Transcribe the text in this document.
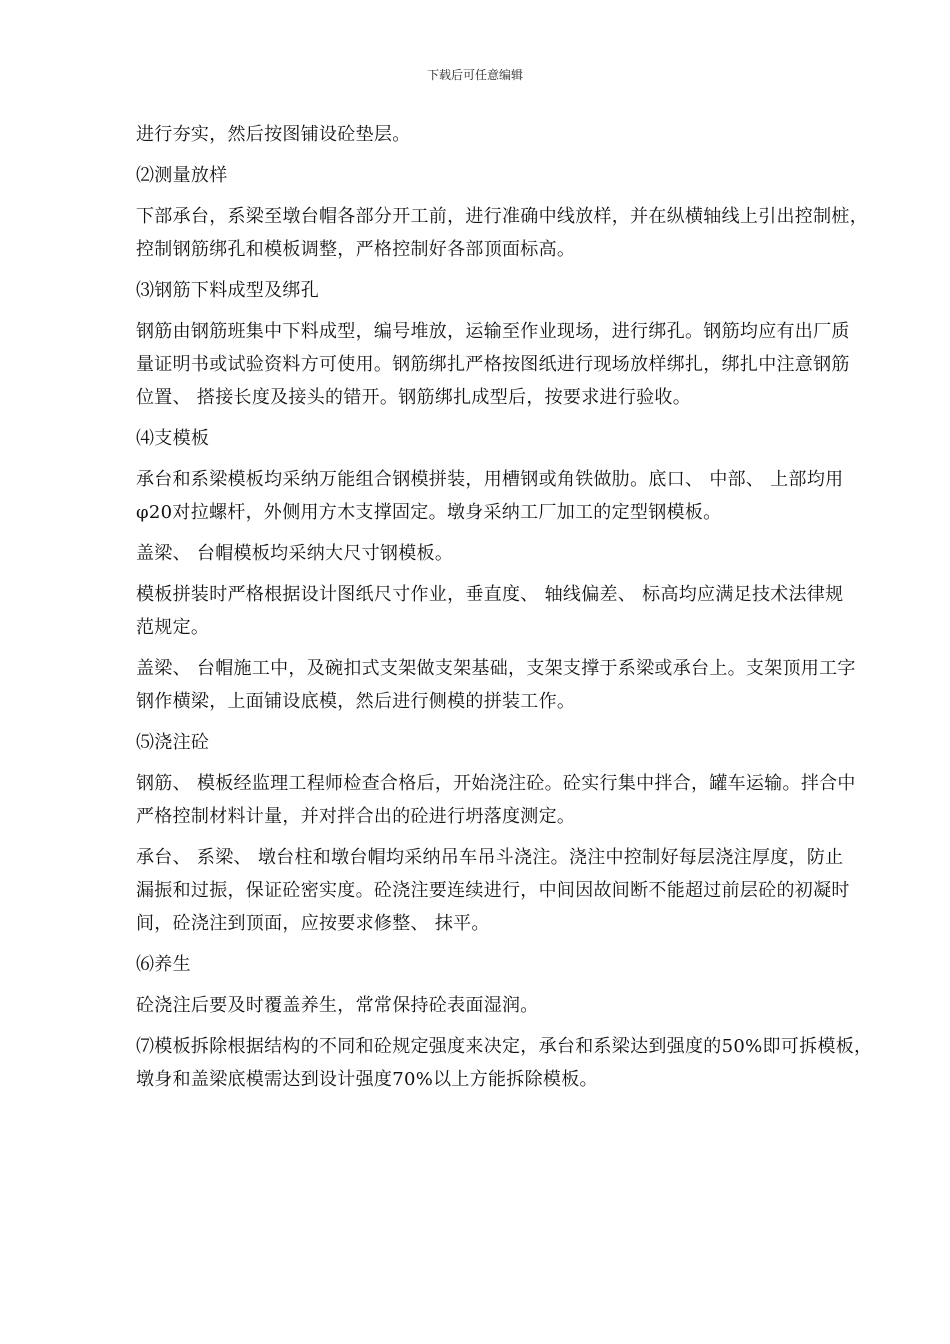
下载后可任意编辑
进行夯实，然后按图铺设砼垫层。
⑵测量放样
下部承台，系梁至墩台帽各部分开工前，进行准确中线放样，并在纵横轴线上引出控制桩，
控制钢筋绑孔和模板调整，严格控制好各部顶面标高。
⑶钢筋下料成型及绑孔
钢筋由钢筋班集中下料成型，编号堆放，运输至作业现场，进行绑孔。钢筋均应有出厂质
量证明书或试验资料方可使用。钢筋绑扎严格按图纸进行现场放样绑扎，绑扎中注意钢筋
位置、 搭接长度及接头的错开。钢筋绑扎成型后，按要求进行验收。
⑷支模板
承台和系梁模板均采纳万能组合钢模拼装，用槽钢或角铁做肋。底口、 中部、 上部均用
φ20对拉螺杆，外侧用方木支撑固定。墩身采纳工厂加工的定型钢模板。
盖梁、 台帽模板均采纳大尺寸钢模板。
模板拼装时严格根据设计图纸尺寸作业，垂直度、 轴线偏差、 标高均应满足技术法律规
范规定。
盖梁、 台帽施工中，及碗扣式支架做支架基础，支架支撑于系梁或承台上。支架顶用工字
钢作横梁，上面铺设底模，然后进行侧模的拼装工作。
⑸浇注砼
钢筋、 模板经监理工程师检查合格后，开始浇注砼。砼实行集中拌合，罐车运输。拌合中
严格控制材料计量，并对拌合出的砼进行坍落度测定。
承台、 系梁、 墩台柱和墩台帽均采纳吊车吊斗浇注。浇注中控制好每层浇注厚度，防止
漏振和过振，保证砼密实度。砼浇注要连续进行，中间因故间断不能超过前层砼的初凝时
间，砼浇注到顶面，应按要求修整、 抹平。
⑹养生
砼浇注后要及时覆盖养生，常常保持砼表面湿润。
⑺模板拆除根据结构的不同和砼规定强度来决定，承台和系梁达到强度的50%即可拆模板，
墩身和盖梁底模需达到设计强度70%以上方能拆除模板。
